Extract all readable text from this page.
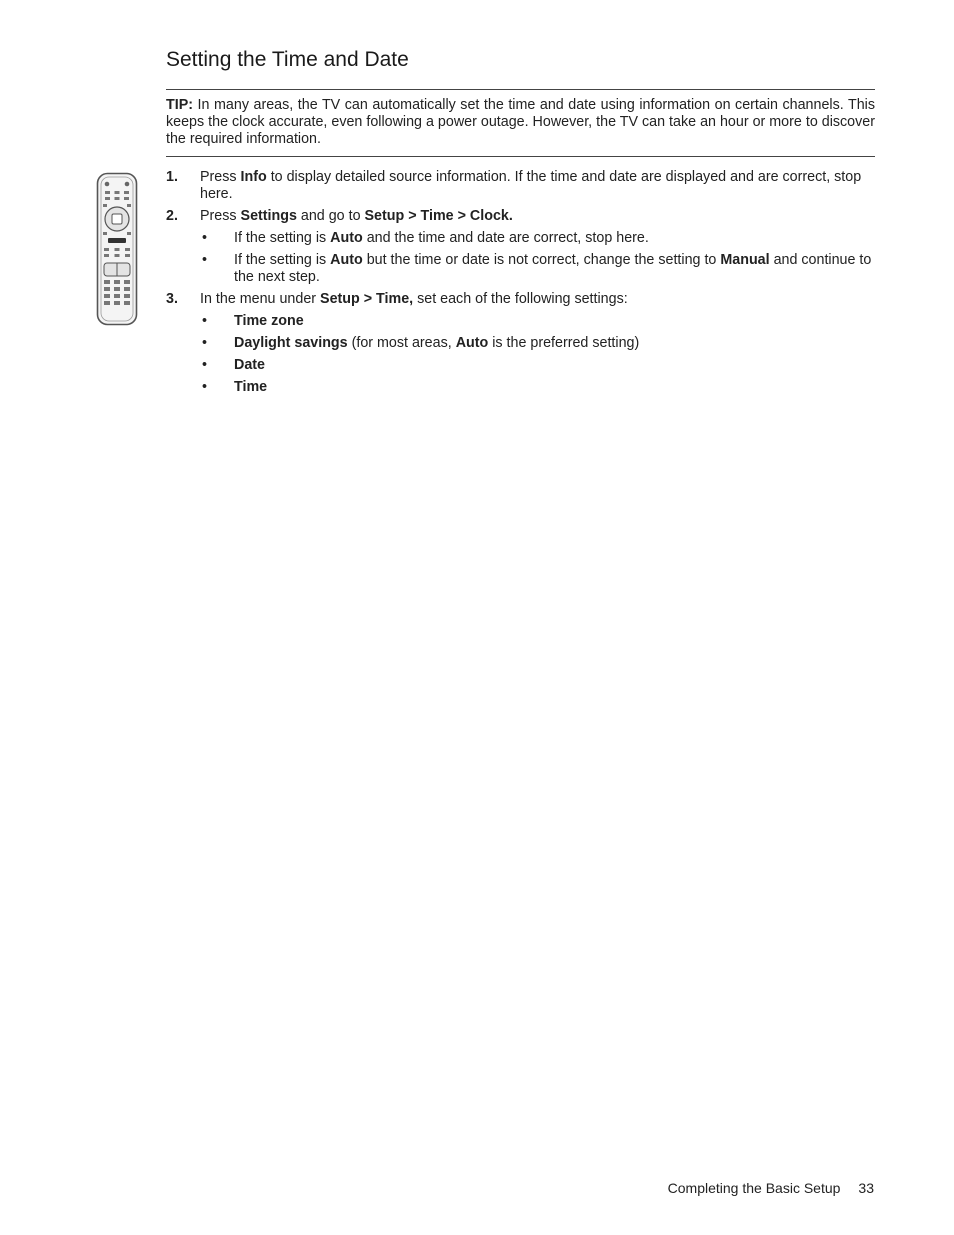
Setting the Time and Date

TIP: In many areas, the TV can automatically set the time and date using information on certain channels. This keeps the clock accurate, even following a power outage. However, the TV can take an hour or more to discover the required information.

1. Press Info to display detailed source information. If the time and date are displayed and are correct, stop here.
2. Press Settings and go to Setup > Time > Clock.
• If the setting is Auto and the time and date are correct, stop here.
• If the setting is Auto but the time or date is not correct, change the setting to Manual and continue to the next step.
3. In the menu under Setup > Time, set each of the following settings:
• Time zone
• Daylight savings (for most areas, Auto is the preferred setting)
• Date
• Time
Completing the Basic Setup 33
